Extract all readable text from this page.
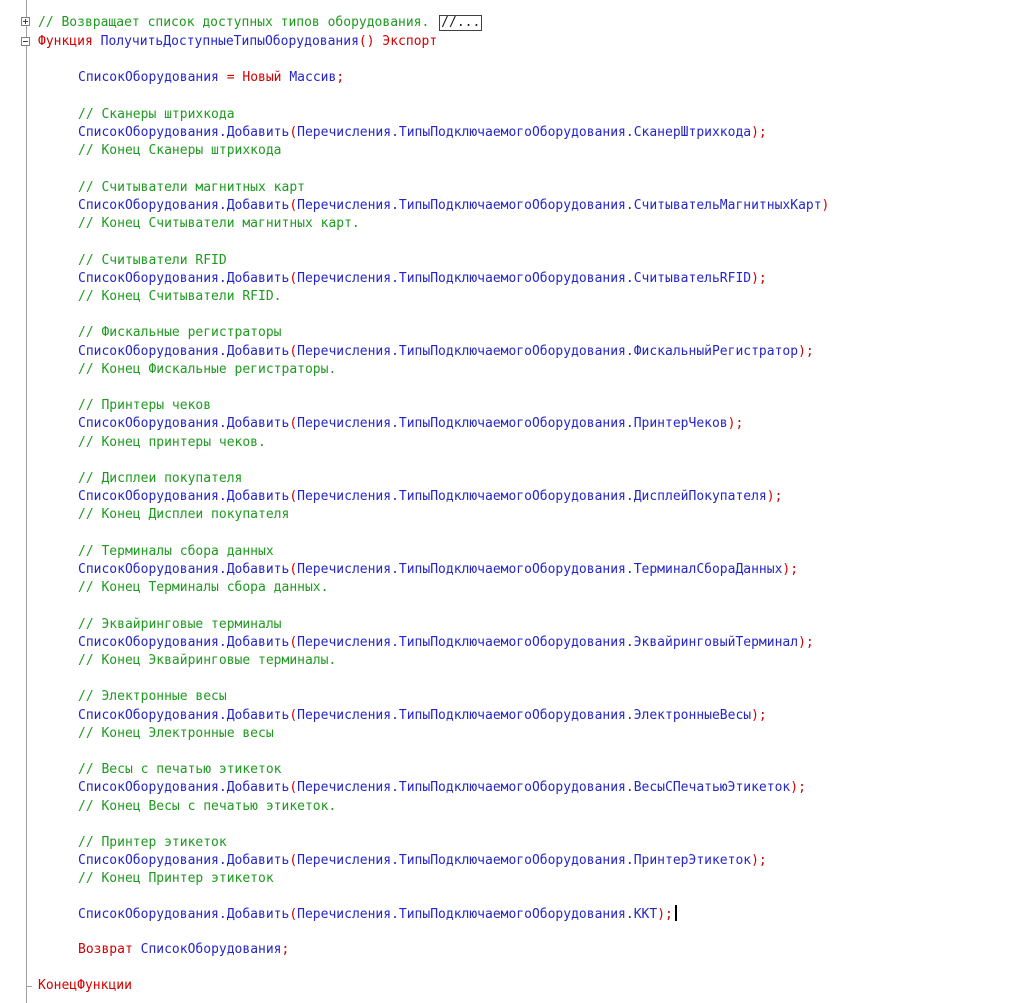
// Возвращает список доступных типов оборудования. //...
Функция ПолучитьДоступныеТипыОборудования() Экспорт
СписокОборудования = Новый Массив;
// Сканеры штрихкода
СписокОборудования.Добавить(Перечисления.ТипыПодключаемогоОборудования.СканерШтрихкода);
// Конец Сканеры штрихкода
// Считыватели магнитных карт
СписокОборудования.Добавить(Перечисления.ТипыПодключаемогоОборудования.СчитывательМагнитныхКарт)
// Конец Считыватели магнитных карт.
// Считыватели RFID
СписокОборудования.Добавить(Перечисления.ТипыПодключаемогоОборудования.СчитывательRFID);
// Конец Считыватели RFID.
// Фискальные регистраторы
СписокОборудования.Добавить(Перечисления.ТипыПодключаемогоОборудования.ФискальныйРегистратор);
// Конец Фискальные регистраторы.
// Принтеры чеков
СписокОборудования.Добавить(Перечисления.ТипыПодключаемогоОборудования.ПринтерЧеков);
// Конец принтеры чеков.
// Дисплеи покупателя
СписокОборудования.Добавить(Перечисления.ТипыПодключаемогоОборудования.ДисплейПокупателя);
// Конец Дисплеи покупателя
// Терминалы сбора данных
СписокОборудования.Добавить(Перечисления.ТипыПодключаемогоОборудования.ТерминалСбораДанных);
// Конец Терминалы сбора данных.
// Эквайринговые терминалы
СписокОборудования.Добавить(Перечисления.ТипыПодключаемогоОборудования.ЭквайринговыйТерминал);
// Конец Эквайринговые терминалы.
// Электронные весы
СписокОборудования.Добавить(Перечисления.ТипыПодключаемогоОборудования.ЭлектронныеВесы);
// Конец Электронные весы
// Весы с печатью этикеток
СписокОборудования.Добавить(Перечисления.ТипыПодключаемогоОборудования.ВесыСПечатьюЭтикеток);
// Конец Весы с печатью этикеток.
// Принтер этикеток
СписокОборудования.Добавить(Перечисления.ТипыПодключаемогоОборудования.ПринтерЭтикеток);
// Конец Принтер этикеток
СписокОборудования.Добавить(Перечисления.ТипыПодключаемогоОборудования.ККТ);
Возврат СписокОборудования;
КонецФункции
